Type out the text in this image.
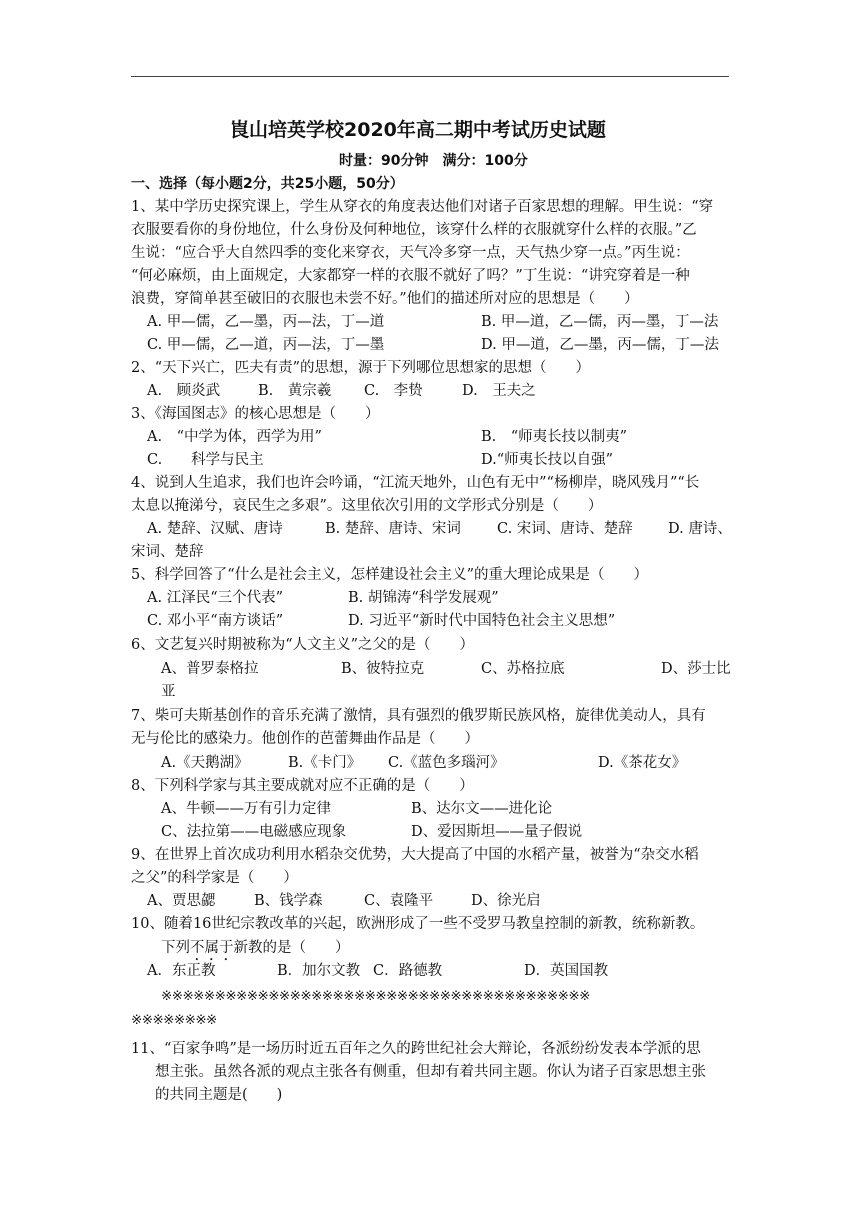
崀山培英学校2020年高二期中考试历史试题
时量：90分钟　满分：100分
一、选择（每小题2分，共25小题，50分）
1、某中学历史探究课上，学生从穿衣的角度表达他们对诸子百家思想的理解。甲生说：“穿
衣服要看你的身份地位，什么身份及何种地位，该穿什么样的衣服就穿什么样的衣服。”乙
生说：“应合乎大自然四季的变化来穿衣，天气冷多穿一点，天气热少穿一点。”丙生说：
“何必麻烦，由上面规定，大家都穿一样的衣服不就好了吗？”丁生说：“讲究穿着是一种
浪费，穿简单甚至破旧的衣服也未尝不好。”他们的描述所对应的思想是（　　）
A. 甲—儒，乙—墨，丙—法，丁—道	B. 甲—道，乙—儒，丙—墨，丁—法
C. 甲—儒，乙—道，丙—法，丁—墨	D. 甲—道，乙—墨，丙—儒，丁—法
2、“天下兴亡，匹夫有责”的思想，源于下列哪位思想家的思想（　　）
A.　顾炎武	B.　黄宗羲 C.　李贽	D.　王夫之
3、《海国图志》的核心思想是（　　）
A.　“中学为体，西学为用”	B.　“师夷长技以制夷”
C.　　科学与民主	D.“师夷长技以自强”
4、说到人生追求，我们也许会吟诵，“江流天地外，山色有无中”“杨柳岸，晓风残月”“长
太息以掩涕兮，哀民生之多艰”。这里依次引用的文学形式分别是（　　）
A. 楚辞、汉赋、唐诗	B. 楚辞、唐诗、宋词 C. 宋词、唐诗、楚辞 D. 唐诗、
宋词、楚辞
5、科学回答了“什么是社会主义，怎样建设社会主义”的重大理论成果是（　　）
A. 江泽民“三个代表”	B. 胡锦涛“科学发展观”
C. 邓小平“南方谈话”	D. 习近平“新时代中国特色社会主义思想”
6、文艺复兴时期被称为“人文主义”之父的是（　　）
A、普罗泰格拉	B、彼特拉克	C、苏格拉底	D、莎士比
亚
7、柴可夫斯基创作的音乐充满了激情，具有强烈的俄罗斯民族风格，旋律优美动人，具有
无与伦比的感染力。他创作的芭蕾舞曲作品是（　　）
A.《天鹅湖》	B.《卡门》 C.《蓝色多瑙河》	D.《茶花女》
8、下列科学家与其主要成就对应不正确的是（　　）
A、牛顿——万有引力定律	B、达尔文——进化论
C、法拉第——电磁感应现象	D、爱因斯坦——量子假说
9、在世界上首次成功利用水稻杂交优势，大大提高了中国的水稻产量，被誉为“杂交水稻
之父”的科学家是（　　）
A、贾思勰	B、钱学森	C、袁隆平	D、徐光启
10、随着16世纪宗教改革的兴起，欧洲形成了一些不受罗马教皇控制的新教，统称新教。
下列不属于新教的是（　　）
A．东正教	B．加尔文教 C．路德教	D．英国国教
※※※※※※※※※※※※※※※※※※※※※※※※※※※※※※※※※※※※※※※※
※※※※※※※※
11、“百家争鸣”是一场历时近五百年之久的跨世纪社会大辩论，各派纷纷发表本学派的思
想主张。虽然各派的观点主张各有侧重，但却有着共同主题。你认为诸子百家思想主张
的共同主题是(　　)
